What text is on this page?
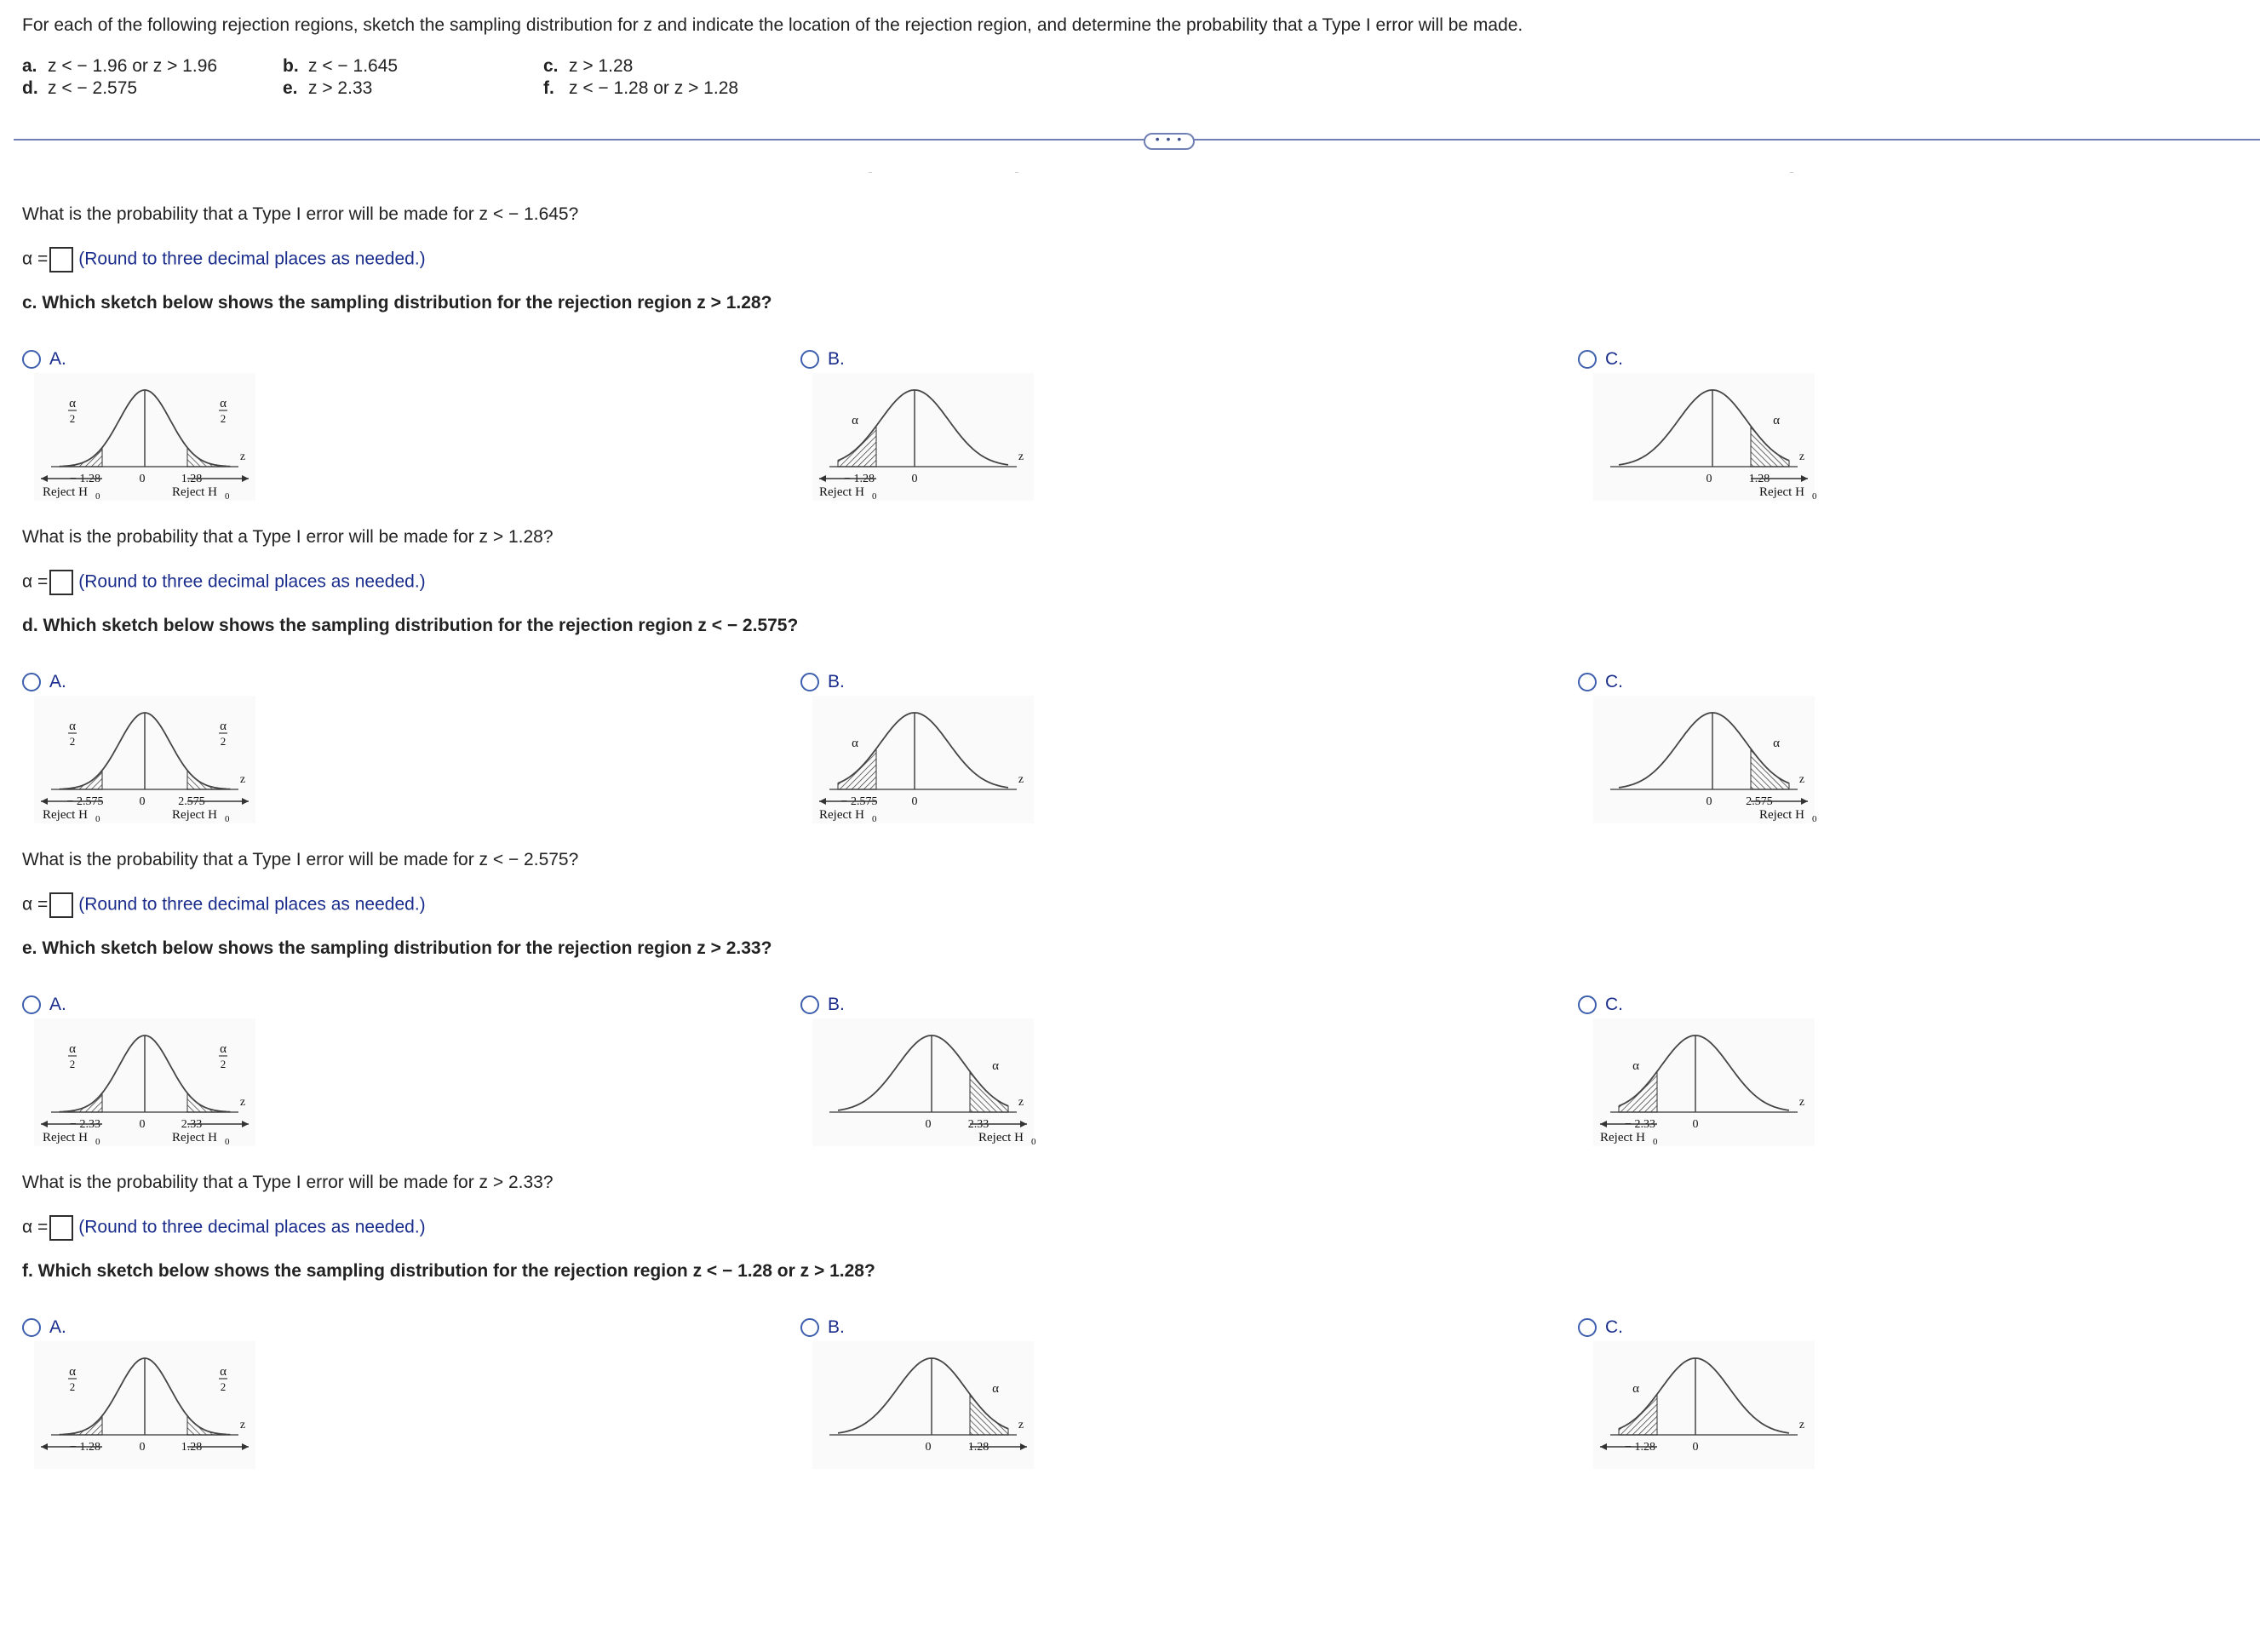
For each of the following rejection regions, sketch the sampling distribution for z and indicate the location of the rejection region, and determine the probability that a Type I error will be made.
a. z < − 1.96 or z > 1.96	b. z < − 1.645	c. z > 1.28
d. z < − 2.575	e. z > 2.33	f. z < − 1.28 or z > 1.28
• • •
What is the probability that a Type I error will be made for z < − 1.645?
α = (Round to three decimal places as needed.)
c. Which sketch below shows the sampling distribution for the rejection region z > 1.28?
A.
z
− 1.28	0	1.28
α
2
α
2
Reject H 0	Reject H 0
B.
z
− 1.28	0
α
Reject H 0
C.
z
0	1.28
α
Reject H 0
What is the probability that a Type I error will be made for z > 1.28?
α = (Round to three decimal places as needed.)
d. Which sketch below shows the sampling distribution for the rejection region z < − 2.575?
A.
z
− 2.575	0	2.575
α
2
α
2
Reject H 0	Reject H 0
B.
z
− 2.575	0
α
Reject H 0
C.
z
0	2.575
α
Reject H 0
What is the probability that a Type I error will be made for z < − 2.575?
α = (Round to three decimal places as needed.)
e. Which sketch below shows the sampling distribution for the rejection region z > 2.33?
A.
z
− 2.33	0	2.33
α
2
α
2
Reject H 0	Reject H 0
B.
z
0	2.33
α
Reject H 0
C.
z
− 2.33	0
α
Reject H 0
What is the probability that a Type I error will be made for z > 2.33?
α = (Round to three decimal places as needed.)
f. Which sketch below shows the sampling distribution for the rejection region z < − 1.28 or z > 1.28?
A.
z
− 1.28	0	1.28
α
2
α
2
B.
z
0	1.28
α
C.
z
− 1.28	0
α
